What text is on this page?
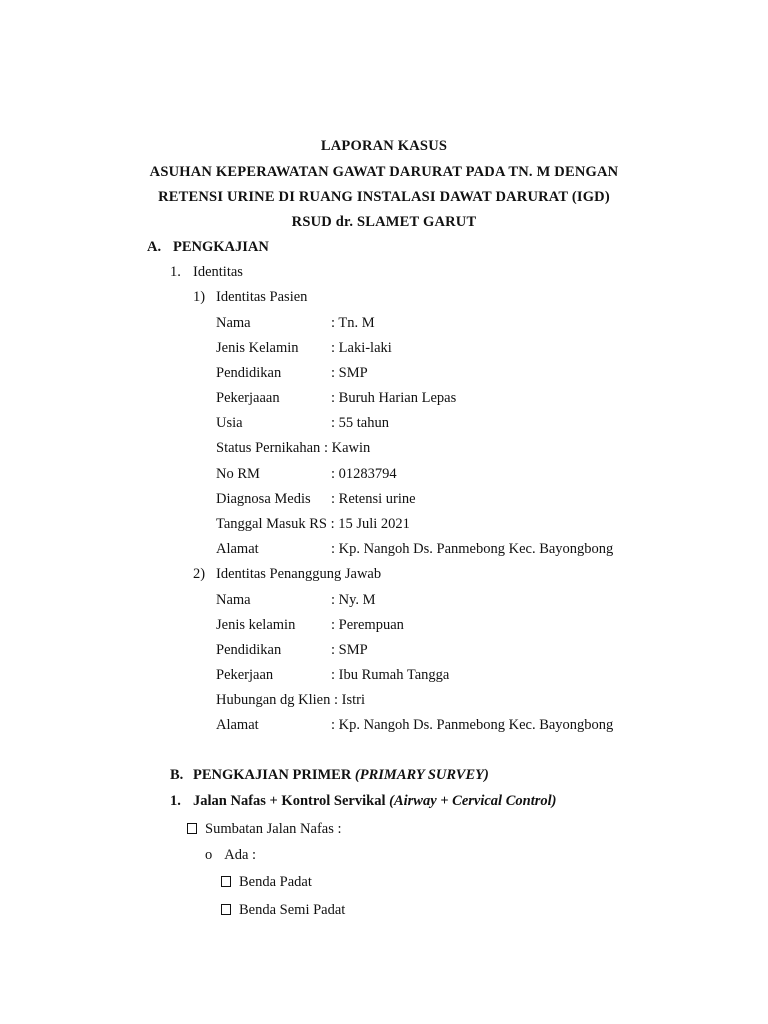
LAPORAN KASUS
ASUHAN KEPERAWATAN GAWAT DARURAT PADA TN. M DENGAN
RETENSI URINE DI RUANG INSTALASI DAWAT DARURAT (IGD)
RSUD dr. SLAMET GARUT
A. PENGKAJIAN
1. Identitas
1) Identitas Pasien
Nama	: Tn. M
Jenis Kelamin : Laki-laki
Pendidikan	: SMP
Pekerjaaan	: Buruh Harian Lepas
Usia	: 55 tahun
Status Pernikahan : Kawin
No RM	: 01283794
Diagnosa Medis : Retensi urine
Tanggal Masuk RS : 15 Juli 2021
Alamat	: Kp. Nangoh Ds. Panmebong Kec. Bayongbong
2) Identitas Penanggung Jawab
Nama	: Ny. M
Jenis kelamin : Perempuan
Pendidikan	: SMP
Pekerjaan	: Ibu Rumah Tangga
Hubungan dg Klien : Istri
Alamat	: Kp. Nangoh Ds. Panmebong Kec. Bayongbong
B. PENGKAJIAN PRIMER (PRIMARY SURVEY)
1. Jalan Nafas + Kontrol Servikal (Airway + Cervical Control)
Sumbatan Jalan Nafas :
o Ada :
Benda Padat
Benda Semi Padat
